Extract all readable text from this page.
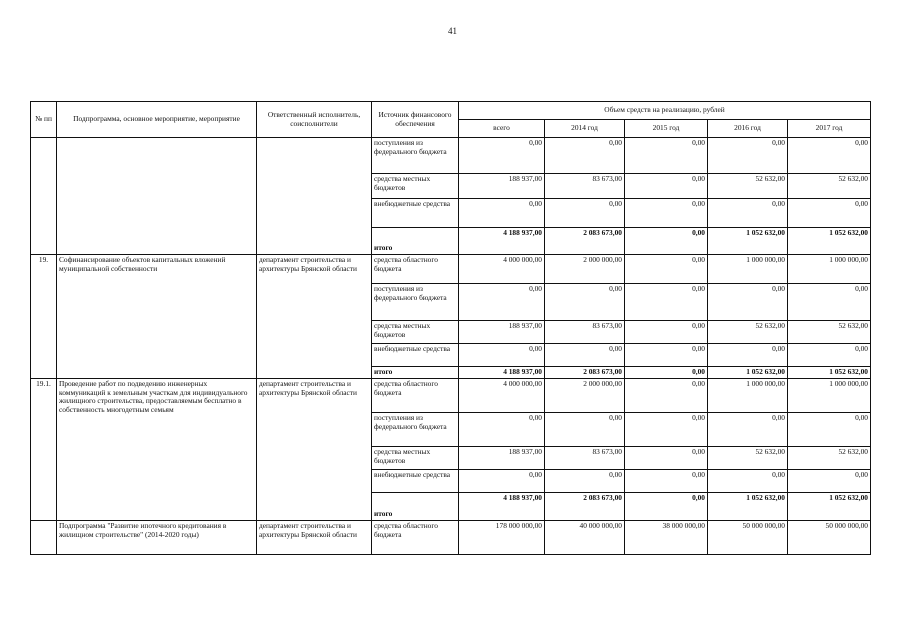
41
№ пп	Подпрограмма, основное мероприятие, мероприятие	Ответственный исполнитель, соисполнители	Источник финансового обеспечения	Объем средств на реализацию, рублей				
				всего	2014 год	2015 год	2016 год	2017 год
			поступления из федерального бюджета	0,00	0,00	0,00	0,00	0,00
			средства местных бюджетов	188 937,00	83 673,00	0,00	52 632,00	52 632,00
			внебюджетные средства	0,00	0,00	0,00	0,00	0,00
			итого	4 188 937,00	2 083 673,00	0,00	1 052 632,00	1 052 632,00
19.	Софинансирование объектов капитальных вложений муниципальной собственности	департамент строительства и архитектуры Брянской области	средства областного бюджета	4 000 000,00	2 000 000,00	0,00	1 000 000,00	1 000 000,00
			поступления из федерального бюджета	0,00	0,00	0,00	0,00	0,00
			средства местных бюджетов	188 937,00	83 673,00	0,00	52 632,00	52 632,00
			внебюджетные средства	0,00	0,00	0,00	0,00	0,00
			итого	4 188 937,00	2 083 673,00	0,00	1 052 632,00	1 052 632,00
19.1.	Проведение работ по подведению инженерных коммуникаций к земельным участкам для индивидуального жилищного строительства, предоставляемым бесплатно в собственность многодетным семьям	департамент строительства и архитектуры Брянской области	средства областного бюджета	4 000 000,00	2 000 000,00	0,00	1 000 000,00	1 000 000,00
			поступления из федерального бюджета	0,00	0,00	0,00	0,00	0,00
			средства местных бюджетов	188 937,00	83 673,00	0,00	52 632,00	52 632,00
			внебюджетные средства	0,00	0,00	0,00	0,00	0,00
			итого	4 188 937,00	2 083 673,00	0,00	1 052 632,00	1 052 632,00
	Подпрограмма "Развитие ипотечного кредитования в жилищном строительстве" (2014-2020 годы)	департамент строительства и архитектуры Брянской области	средства областного бюджета	178 000 000,00	40 000 000,00	38 000 000,00	50 000 000,00	50 000 000,00
